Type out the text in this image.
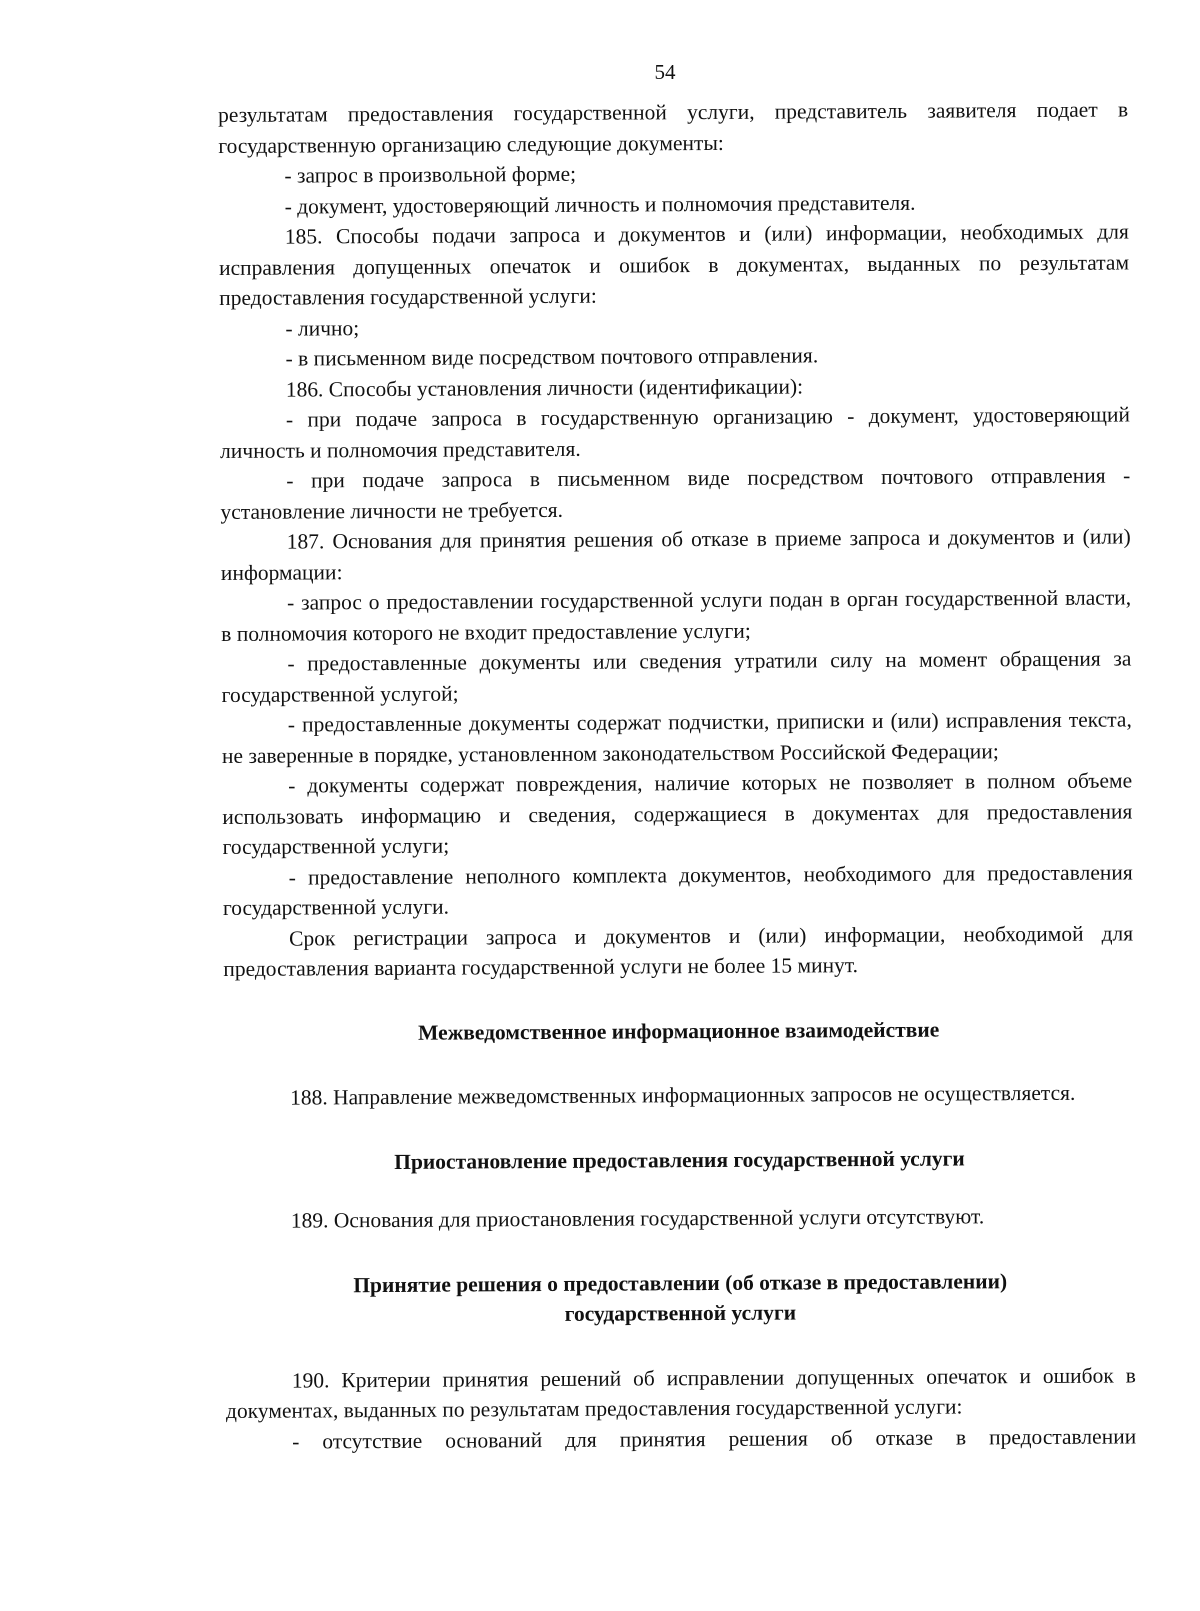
54

результатам предоставления государственной услуги, представитель заявителя подает в государственную организацию следующие документы:

- запрос в произвольной форме;

- документ, удостоверяющий личность и полномочия представителя.

185. Способы подачи запроса и документов и (или) информации, необходимых для исправления допущенных опечаток и ошибок в документах, выданных по результатам предоставления государственной услуги:

- лично;

- в письменном виде посредством почтового отправления.

186. Способы установления личности (идентификации):

- при подаче запроса в государственную организацию - документ, удостоверяющий личность и полномочия представителя.

- при подаче запроса в письменном виде посредством почтового отправления - установление личности не требуется.

187. Основания для принятия решения об отказе в приеме запроса и документов и (или) информации:

- запрос о предоставлении государственной услуги подан в орган государственной власти, в полномочия которого не входит предоставление услуги;

- предоставленные документы или сведения утратили силу на момент обращения за государственной услугой;

- предоставленные документы содержат подчистки, приписки и (или) исправления текста, не заверенные в порядке, установленном законодательством Российской Федерации;

- документы содержат повреждения, наличие которых не позволяет в полном объеме использовать информацию и сведения, содержащиеся в документах для предоставления государственной услуги;

- предоставление неполного комплекта документов, необходимого для предоставления государственной услуги.

Срок регистрации запроса и документов и (или) информации, необходимой для предоставления варианта государственной услуги не более 15 минут.

Межведомственное информационное взаимодействие

188. Направление межведомственных информационных запросов не осуществляется.

Приостановление предоставления государственной услуги

189. Основания для приостановления государственной услуги отсутствуют.

Принятие решения о предоставлении (об отказе в предоставлении)
государственной услуги

190. Критерии принятия решений об исправлении допущенных опечаток и ошибок в документах, выданных по результатам предоставления государственной услуги:

- отсутствие оснований для принятия решения об отказе в предоставлении
